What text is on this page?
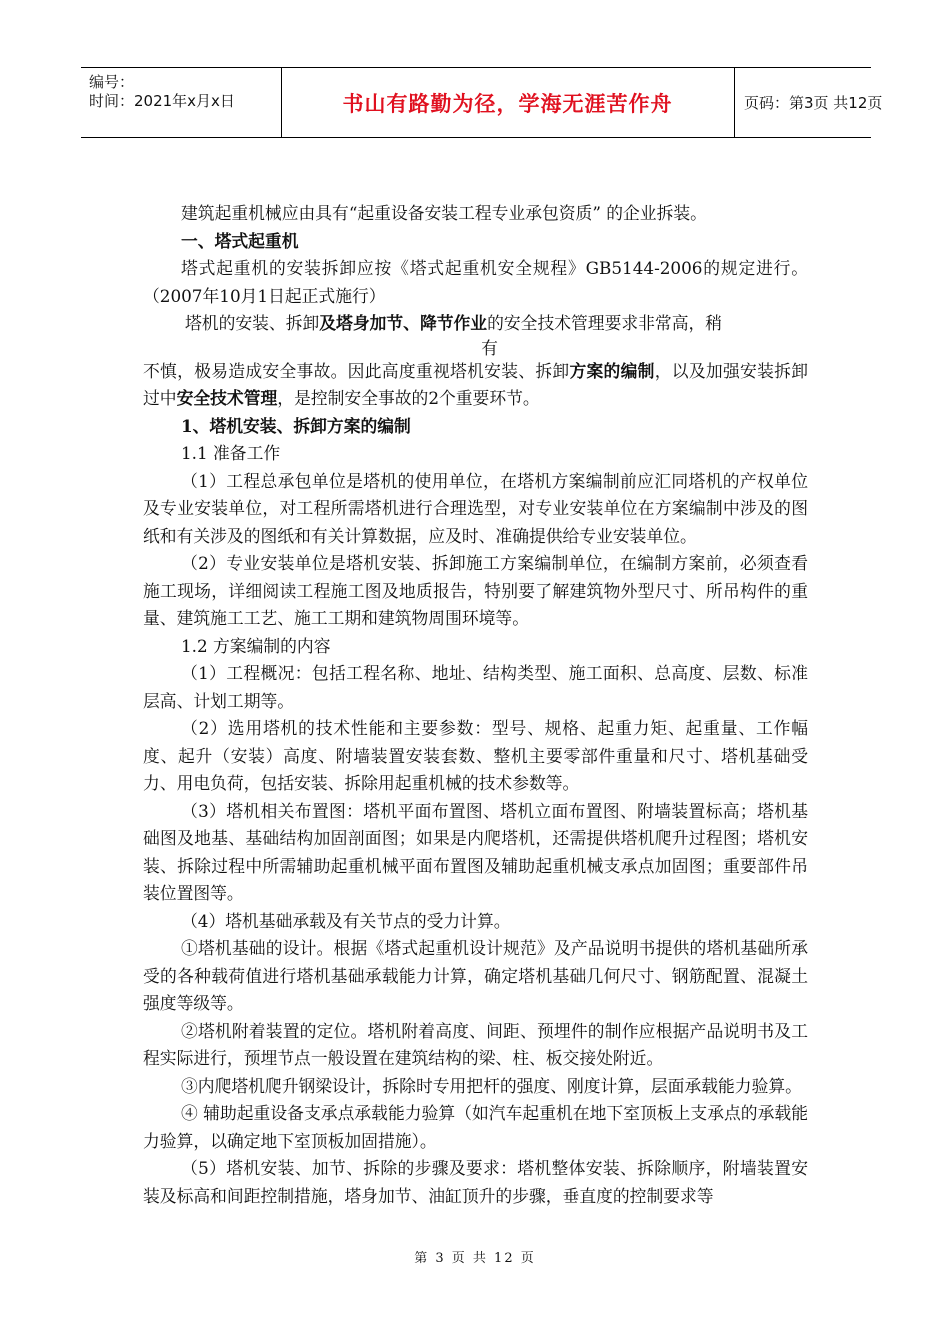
编号：
时间：2021年x月x日	书山有路勤为径，学海无涯苦作舟	页码：第3页 共12页

建筑起重机械应由具有“起重设备安装工程专业承包资质” 的企业拆装。

一、塔式起重机

塔式起重机的安装拆卸应按《塔式起重机安全规程》GB5144-2006的规定进行。（2007年10月1日起正式施行）

塔机的安装、拆卸及塔身加节、降节作业的安全技术管理要求非常高，稍

有

不慎，极易造成安全事故。因此高度重视塔机安装、拆卸方案的编制，以及加强安装拆卸过中安全技术管理，是控制安全事故的2个重要环节。

1、塔机安装、拆卸方案的编制

1.1 准备工作

（1）工程总承包单位是塔机的使用单位，在塔机方案编制前应汇同塔机的产权单位及专业安装单位，对工程所需塔机进行合理选型，对专业安装单位在方案编制中涉及的图纸和有关涉及的图纸和有关计算数据，应及时、准确提供给专业安装单位。

（2）专业安装单位是塔机安装、拆卸施工方案编制单位，在编制方案前，必须查看施工现场，详细阅读工程施工图及地质报告，特别要了解建筑物外型尺寸、所吊构件的重量、建筑施工工艺、施工工期和建筑物周围环境等。

1.2 方案编制的内容

（1）工程概况：包括工程名称、地址、结构类型、施工面积、总高度、层数、标准层高、计划工期等。

（2）选用塔机的技术性能和主要参数：型号、规格、起重力矩、起重量、工作幅度、起升（安装）高度、附墙装置安装套数、整机主要零部件重量和尺寸、塔机基础受力、用电负荷，包括安装、拆除用起重机械的技术参数等。

（3）塔机相关布置图：塔机平面布置图、塔机立面布置图、附墙装置标高；塔机基础图及地基、基础结构加固剖面图；如果是内爬塔机，还需提供塔机爬升过程图；塔机安装、拆除过程中所需辅助起重机械平面布置图及辅助起重机械支承点加固图；重要部件吊装位置图等。

（4）塔机基础承载及有关节点的受力计算。

①塔机基础的设计。根据《塔式起重机设计规范》及产品说明书提供的塔机基础所承受的各种载荷值进行塔机基础承载能力计算，确定塔机基础几何尺寸、钢筋配置、混凝土强度等级等。

②塔机附着装置的定位。塔机附着高度、间距、预埋件的制作应根据产品说明书及工程实际进行，预埋节点一般设置在建筑结构的梁、柱、板交接处附近。

③内爬塔机爬升钢梁设计，拆除时专用把杆的强度、刚度计算，层面承载能力验算。

④ 辅助起重设备支承点承载能力验算（如汽车起重机在地下室顶板上支承点的承载能力验算，以确定地下室顶板加固措施）。

（5）塔机安装、加节、拆除的步骤及要求：塔机整体安装、拆除顺序，附墙装置安装及标高和间距控制措施，塔身加节、油缸顶升的步骤，垂直度的控制要求等

第 3 页 共 12 页
